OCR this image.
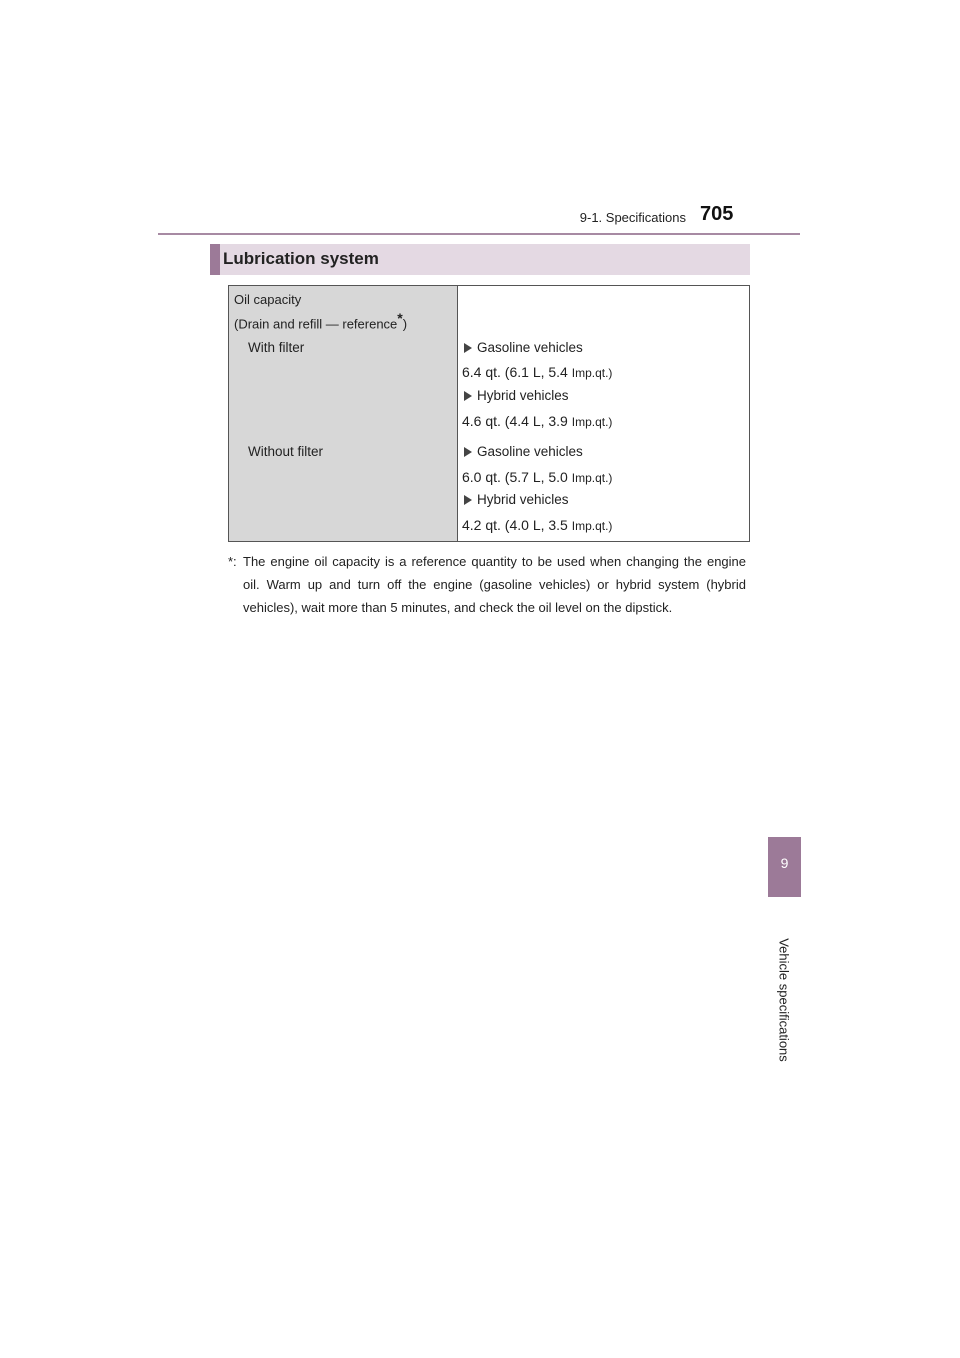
9-1. Specifications 705
Lubrication system
Oil capacity
(Drain and refill — reference*)
With filter	Gasoline vehicles
6.4 qt. (6.1 L, 5.4 Imp.qt.)
Hybrid vehicles
4.6 qt. (4.4 L, 3.9 Imp.qt.)
Without filter	Gasoline vehicles
6.0 qt. (5.7 L, 5.0 Imp.qt.)
Hybrid vehicles
4.2 qt. (4.0 L, 3.5 Imp.qt.)
*: The engine oil capacity is a reference quantity to be used when changing the engine oil. Warm up and turn off the engine (gasoline vehicles) or hybrid system (hybrid vehicles), wait more than 5 minutes, and check the oil level on the dipstick.
9
Vehicle specifications
